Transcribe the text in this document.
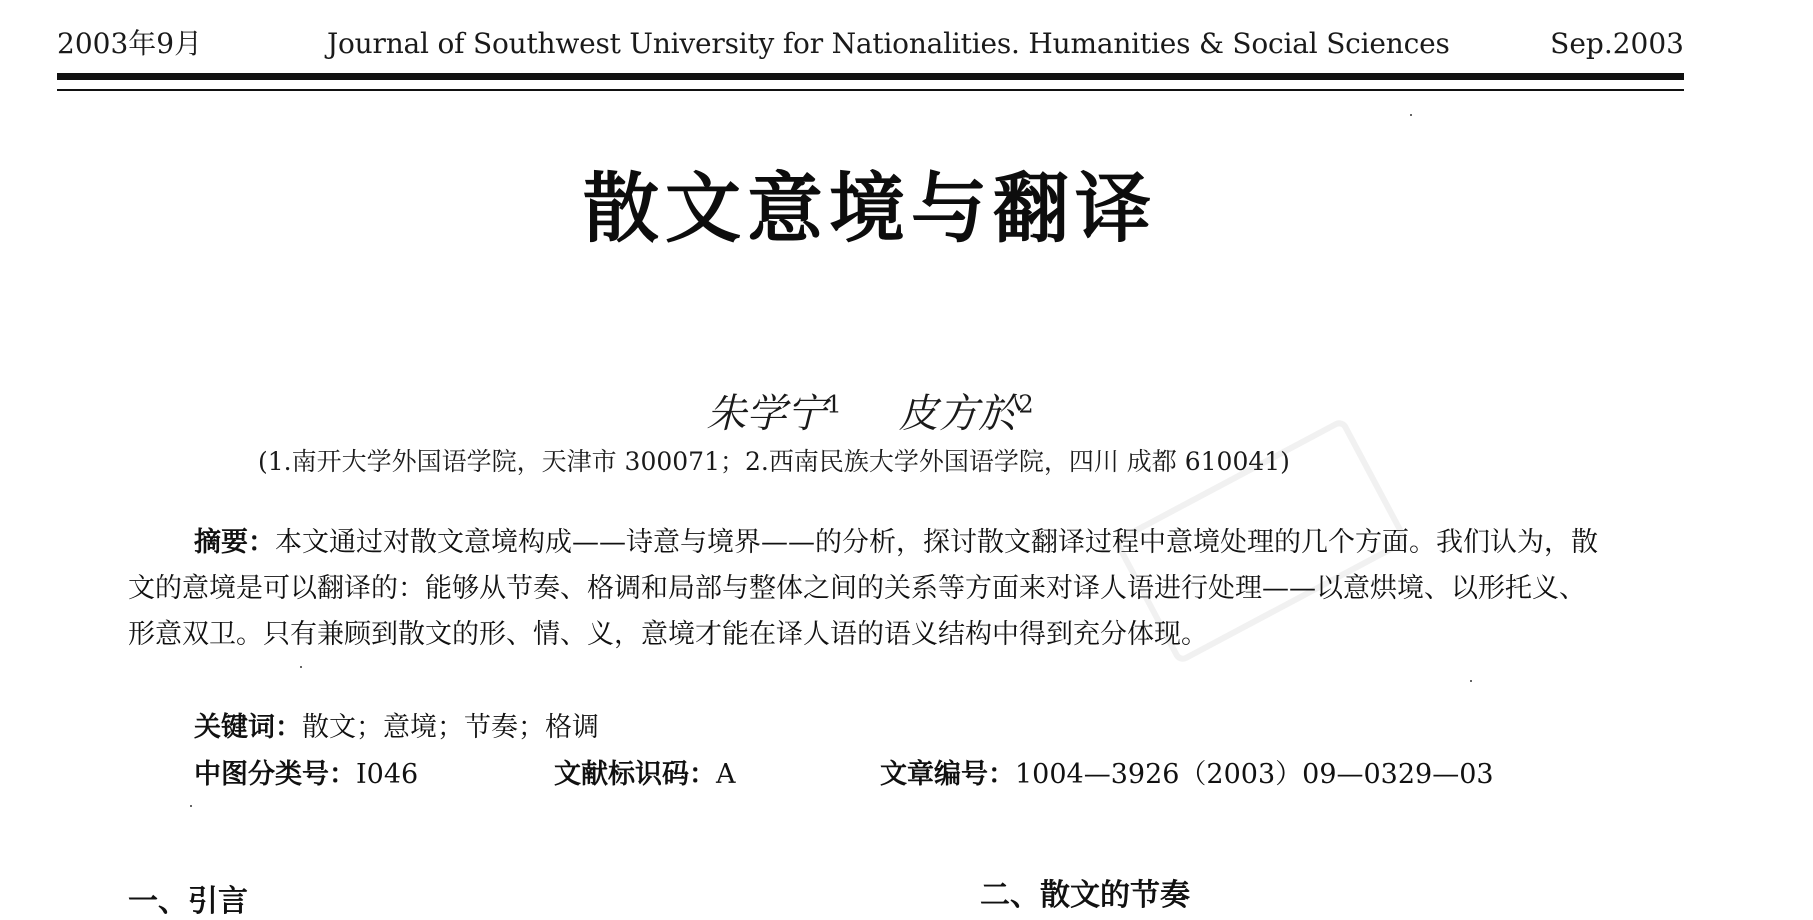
2003年9月	Journal of Southwest University for Nationalities. Humanities & Social Sciences	Sep.2003
散文意境与翻译
朱学宁$^1$ 皮方於$^2$
(1.南开大学外国语学院，天津市 300071；2.西南民族大学外国语学院，四川 成都 610041)
摘要：本文通过对散文意境构成——诗意与境界——的分析，探讨散文翻译过程中意境处理的几个方面。我们认为，散文的意境是可以翻译的：能够从节奏、格调和局部与整体之间的关系等方面来对译人语进行处理——以意烘境、以形托义、形意双卫。只有兼顾到散文的形、情、义，意境才能在译人语的语义结构中得到充分体现。
关键词：散文；意境；节奏；格调
中图分类号：I046	文献标识码：A	文章编号：1004—3926（2003）09—0329—03
一、引言	二、散文的节奏
